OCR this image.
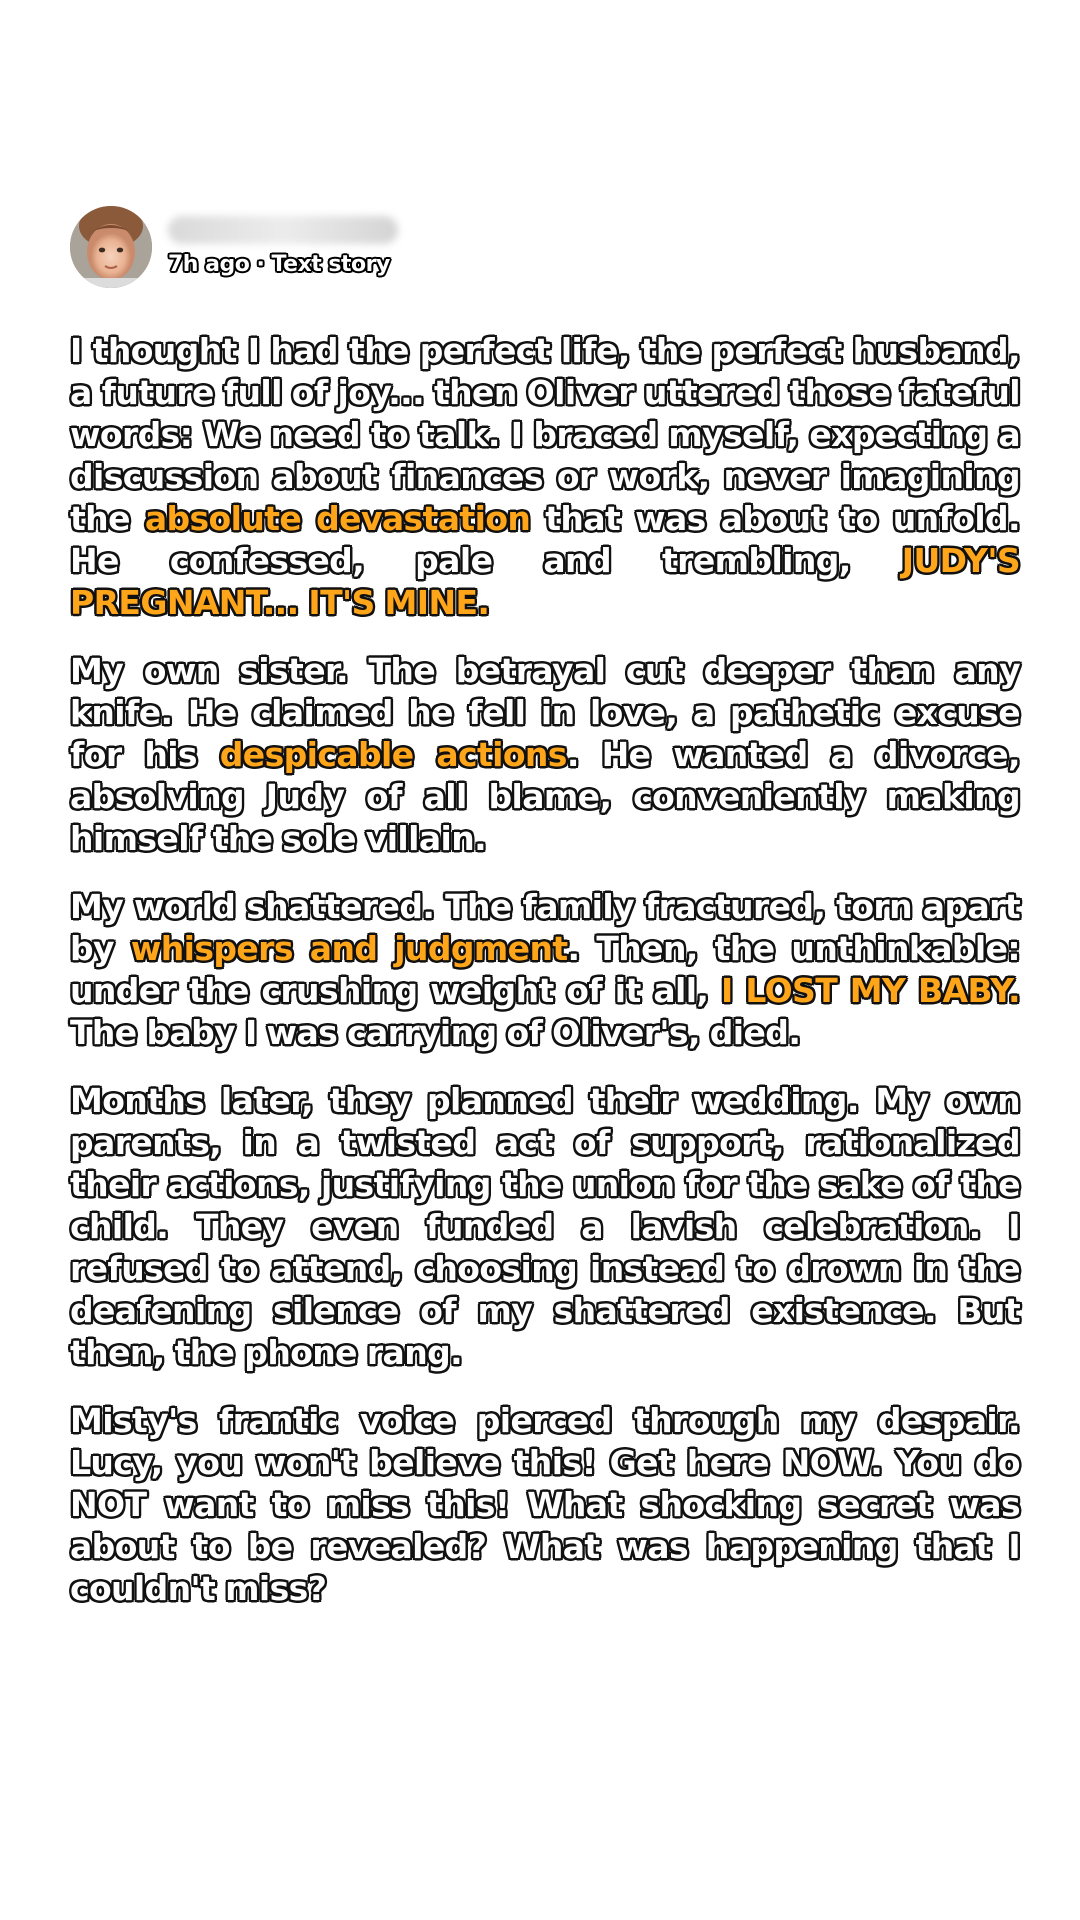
7h ago · Text story

I thought I had the perfect life, the perfect husband, a future full of joy... then Oliver uttered those fateful words: We need to talk. I braced myself, expecting a discussion about finances or work, never imagining the absolute devastation that was about to unfold. He confessed, pale and trembling, JUDY'S PREGNANT... IT'S MINE.

My own sister. The betrayal cut deeper than any knife. He claimed he fell in love, a pathetic excuse for his despicable actions. He wanted a divorce, absolving Judy of all blame, conveniently making himself the sole villain.

My world shattered. The family fractured, torn apart by whispers and judgment. Then, the unthinkable: under the crushing weight of it all, I LOST MY BABY. The baby I was carrying of Oliver's, died.

Months later, they planned their wedding. My own parents, in a twisted act of support, rationalized their actions, justifying the union for the sake of the child. They even funded a lavish celebration. I refused to attend, choosing instead to drown in the deafening silence of my shattered existence. But then, the phone rang.

Misty's frantic voice pierced through my despair. Lucy, you won't believe this! Get here NOW. You do NOT want to miss this! What shocking secret was about to be revealed? What was happening that I couldn't miss?
